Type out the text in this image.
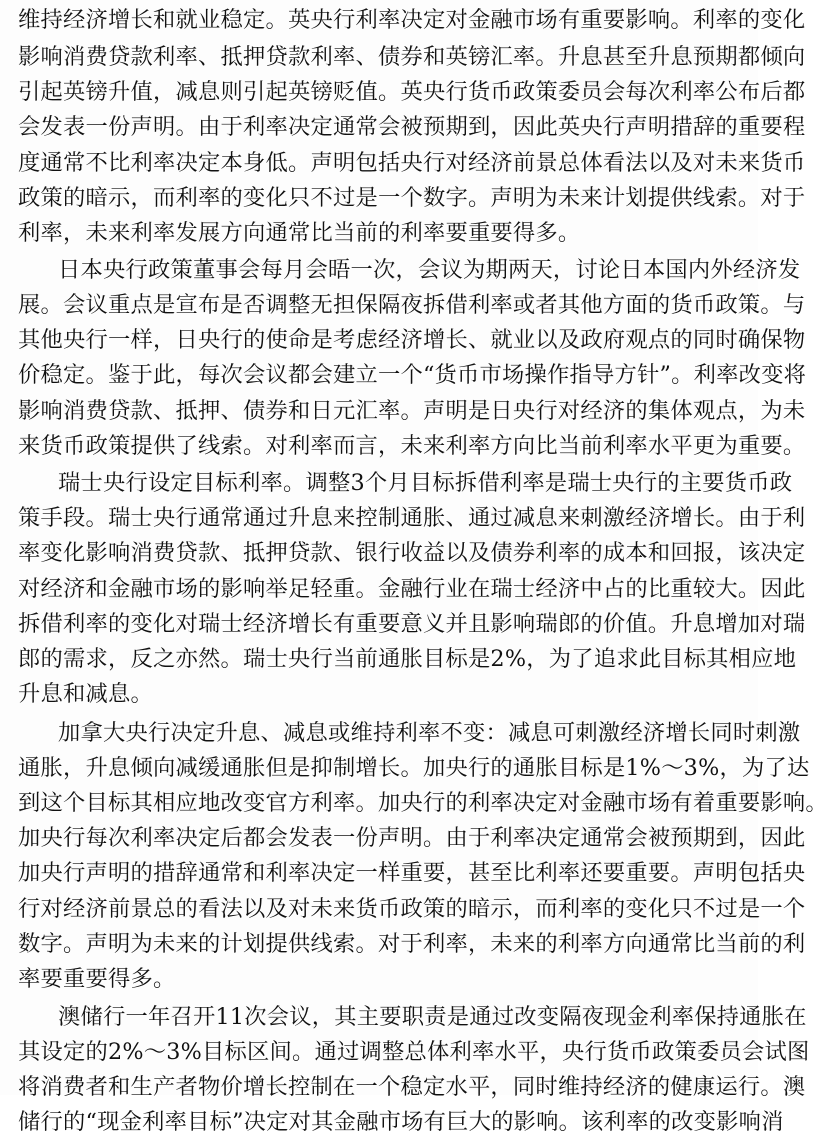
维持经济增长和就业稳定。英央行利率决定对金融市场有重要影响。利率的变化
影响消费贷款利率、抵押贷款利率、债券和英镑汇率。升息甚至升息预期都倾向
引起英镑升值，减息则引起英镑贬值。英央行货币政策委员会每次利率公布后都
会发表一份声明。由于利率决定通常会被预期到，因此英央行声明措辞的重要程
度通常不比利率决定本身低。声明包括央行对经济前景总体看法以及对未来货币
政策的暗示，而利率的变化只不过是一个数字。声明为未来计划提供线索。对于
利率，未来利率发展方向通常比当前的利率要重要得多。
日本央行政策董事会每月会晤一次，会议为期两天，讨论日本国内外经济发
展。会议重点是宣布是否调整无担保隔夜拆借利率或者其他方面的货币政策。与
其他央行一样，日央行的使命是考虑经济增长、就业以及政府观点的同时确保物
价稳定。鉴于此，每次会议都会建立一个“货币市场操作指导方针”。利率改变将
影响消费贷款、抵押、债券和日元汇率。声明是日央行对经济的集体观点，为未
来货币政策提供了线索。对利率而言，未来利率方向比当前利率水平更为重要。
瑞士央行设定目标利率。调整3个月目标拆借利率是瑞士央行的主要货币政
策手段。瑞士央行通常通过升息来控制通胀、通过减息来刺激经济增长。由于利
率变化影响消费贷款、抵押贷款、银行收益以及债券利率的成本和回报，该决定
对经济和金融市场的影响举足轻重。金融行业在瑞士经济中占的比重较大。因此
拆借利率的变化对瑞士经济增长有重要意义并且影响瑞郎的价值。升息增加对瑞
郎的需求，反之亦然。瑞士央行当前通胀目标是2%，为了追求此目标其相应地
升息和减息。
加拿大央行决定升息、减息或维持利率不变：减息可刺激经济增长同时刺激
通胀，升息倾向减缓通胀但是抑制增长。加央行的通胀目标是1%～3%，为了达
到这个目标其相应地改变官方利率。加央行的利率决定对金融市场有着重要影响。
加央行每次利率决定后都会发表一份声明。由于利率决定通常会被预期到，因此
加央行声明的措辞通常和利率决定一样重要，甚至比利率还要重要。声明包括央
行对经济前景总的看法以及对未来货币政策的暗示，而利率的变化只不过是一个
数字。声明为未来的计划提供线索。对于利率，未来的利率方向通常比当前的利
率要重要得多。
澳储行一年召开11次会议，其主要职责是通过改变隔夜现金利率保持通胀在
其设定的2%～3%目标区间。通过调整总体利率水平，央行货币政策委员会试图
将消费者和生产者物价增长控制在一个稳定水平，同时维持经济的健康运行。澳
储行的“现金利率目标”决定对其金融市场有巨大的影响。该利率的改变影响消
